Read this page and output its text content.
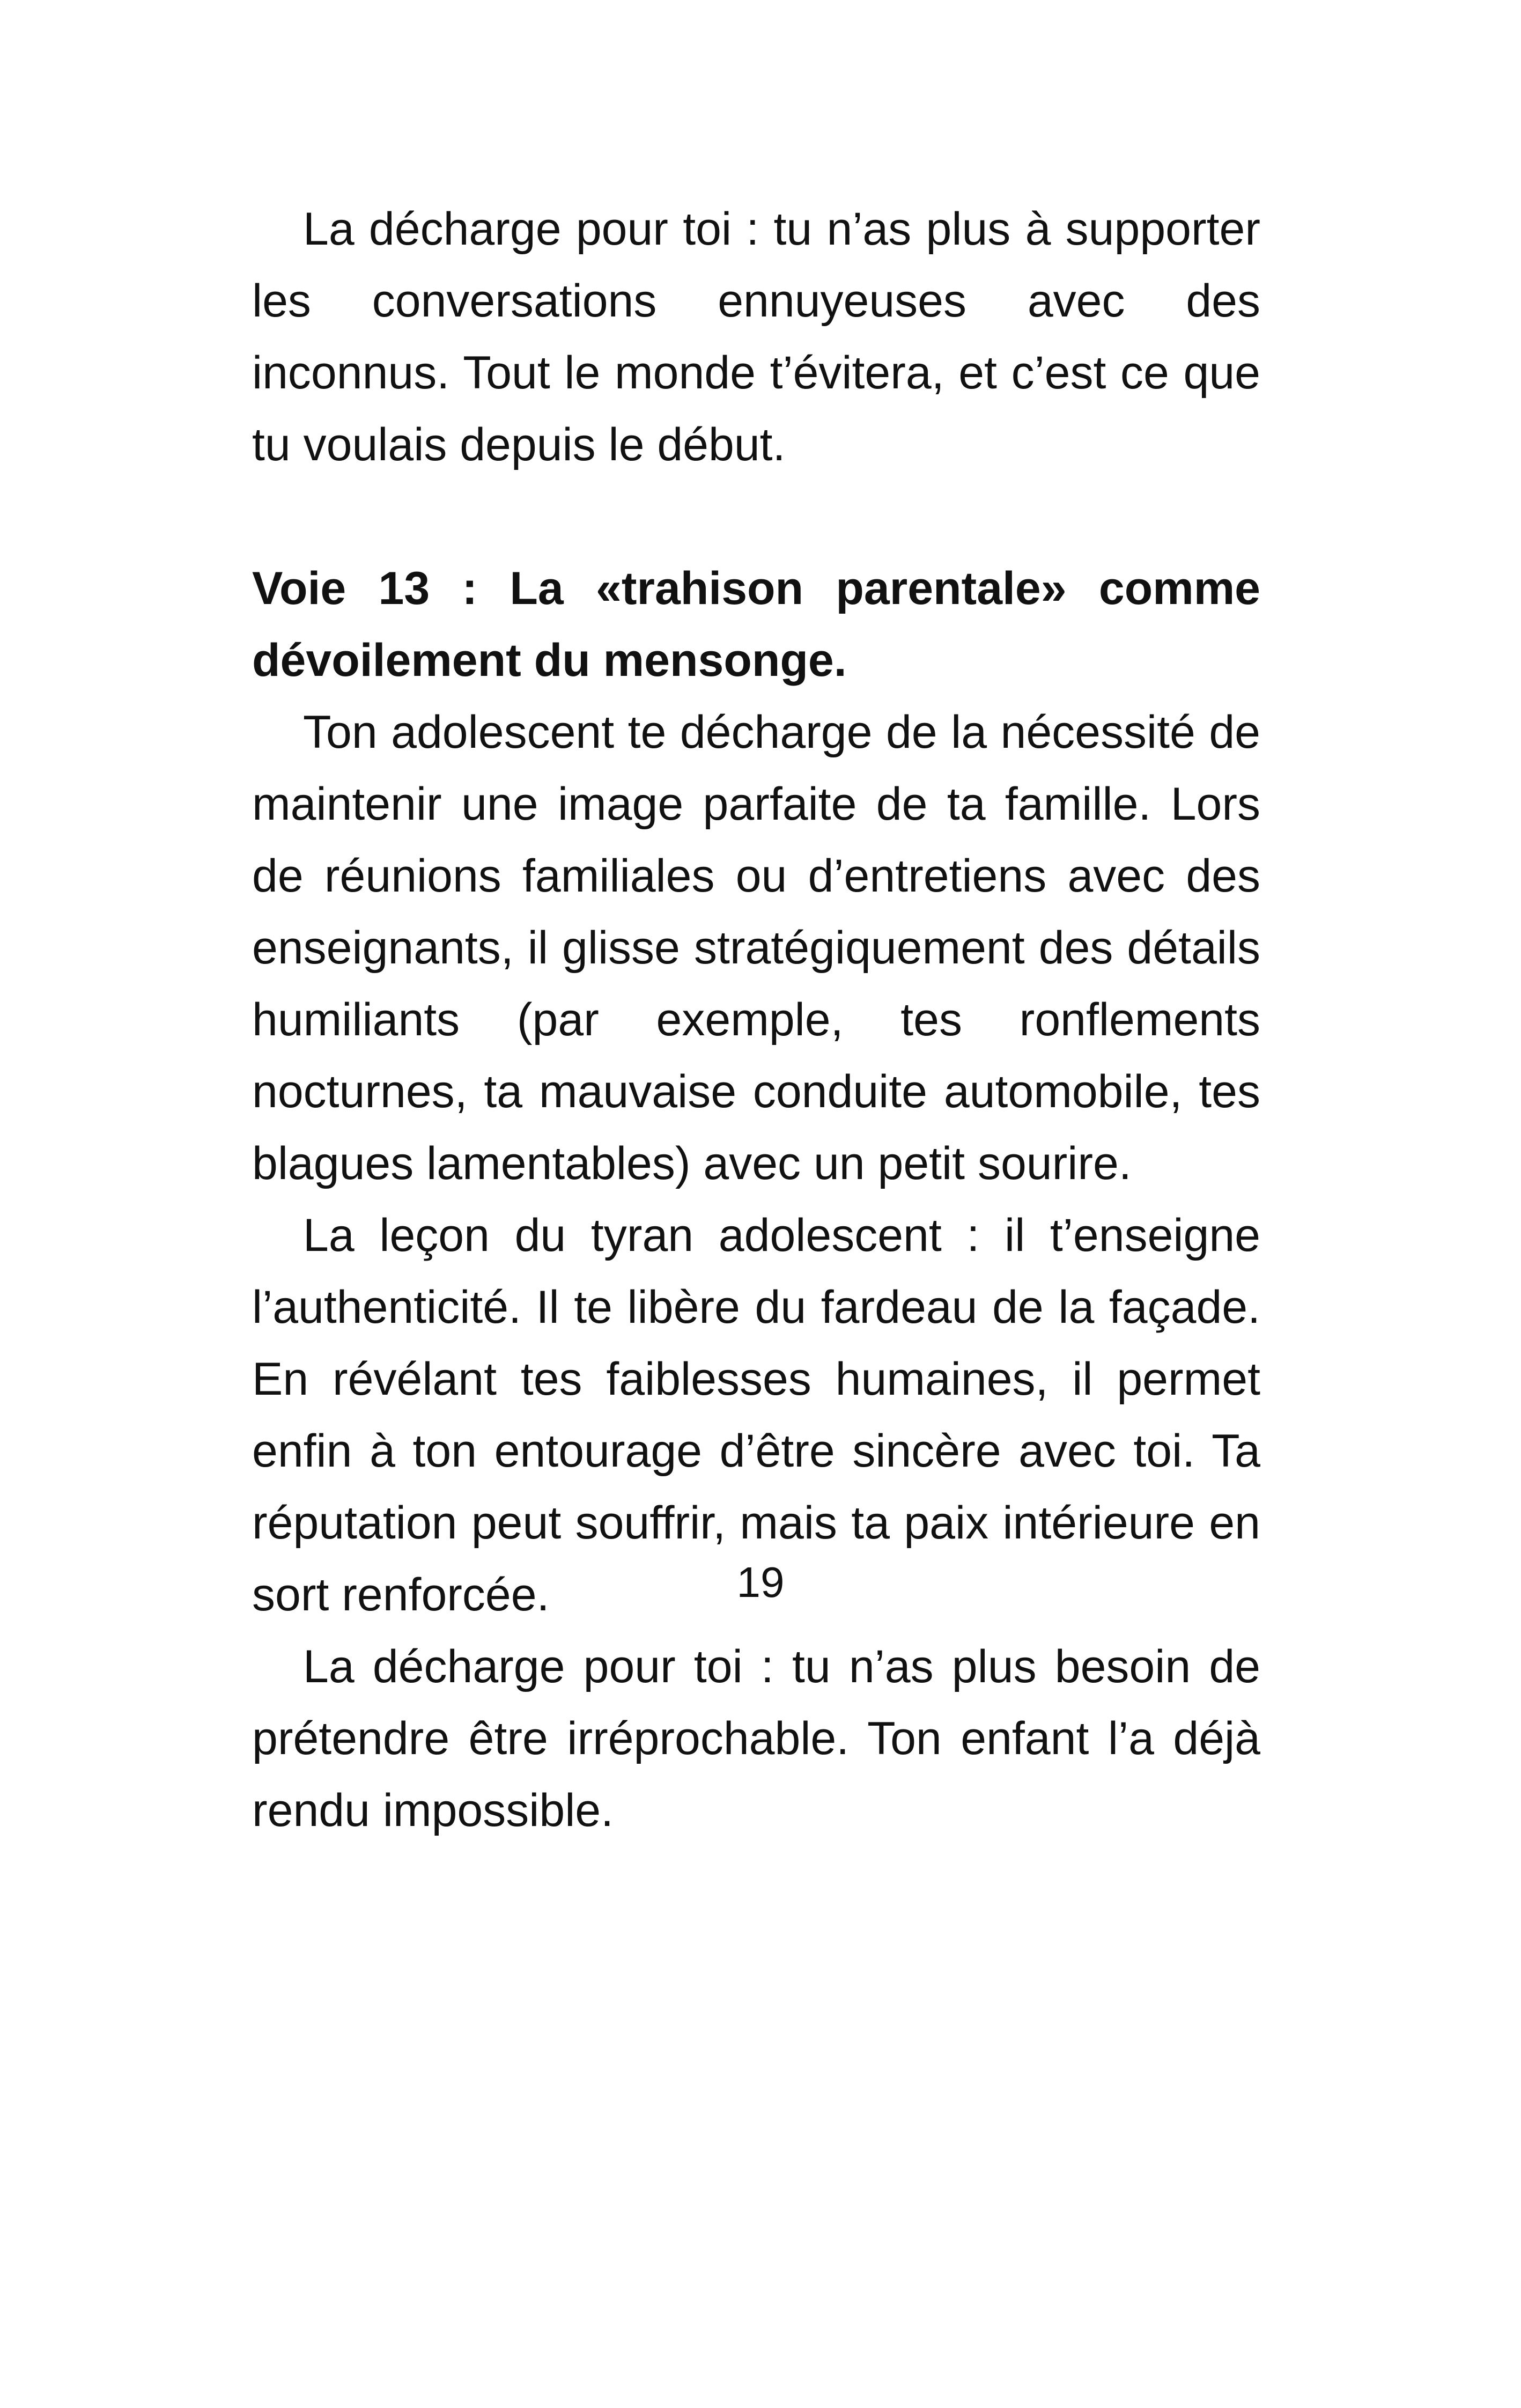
La décharge pour toi : tu n’as plus à supporter les conversations ennuyeuses avec des inconnus. Tout le monde t’évitera, et c’est ce que tu voulais depuis le début.

Voie 13 : La «trahison parentale» comme dévoilement du mensonge.

Ton adolescent te décharge de la nécessité de maintenir une image parfaite de ta famille. Lors de réunions familiales ou d’entretiens avec des enseignants, il glisse stratégiquement des détails humiliants (par exemple, tes ronflements nocturnes, ta mauvaise conduite automobile, tes blagues lamentables) avec un petit sourire.

La leçon du tyran adolescent : il t’enseigne l’authenticité. Il te libère du fardeau de la façade. En révélant tes faiblesses humaines, il permet enfin à ton entourage d’être sincère avec toi. Ta réputation peut souffrir, mais ta paix intérieure en sort renforcée.

La décharge pour toi : tu n’as plus besoin de prétendre être irréprochable. Ton enfant l’a déjà rendu impossible.

19
